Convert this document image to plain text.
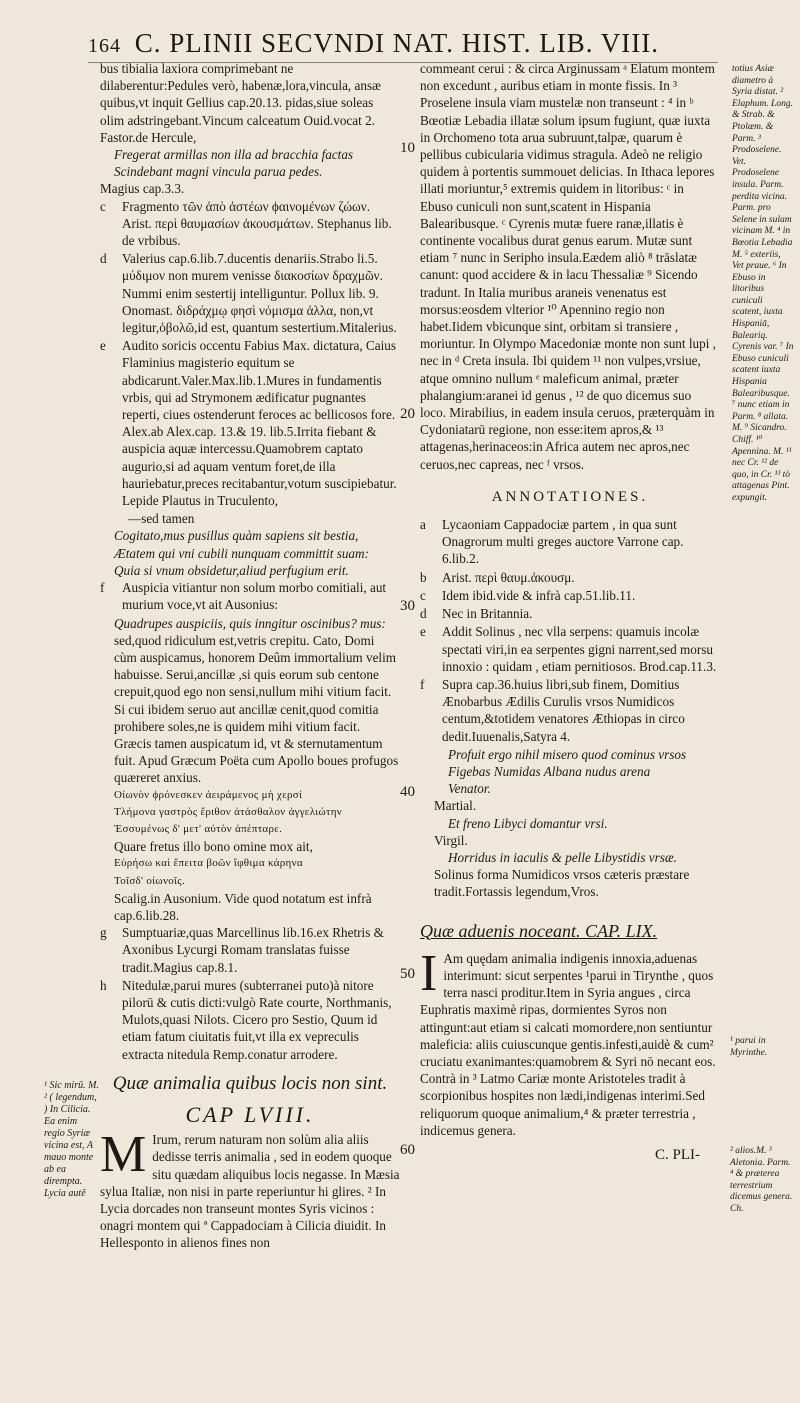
164 C. PLINII SECVNDI NAT. HIST. LIB. VIII.

bus tibialia laxiora comprimebant ne dilaberentur:Pedules verò, habenæ,lora,vincula, ansæ quibus,vt inquit Gellius cap.20.13. pidas,siue soleas olim adstringebant.Vincum calceatum Ouid.vocat 2. Fastor.de Hercule,

Fregerat armillas non illa ad bracchia factas

Scindebant magni vincula parua pedes.

Magius cap.3.3.

c Fragmento τῶν ἀπὸ ἀστέων ϕαινομένων ζώων. Arist. περὶ θαυμασίων ἀκουσμάτων. Stephanus lib. de vrbibus.
d Valerius cap.6.lib.7.ducentis denariis.Strabo li.5. μύδιμον non murem venisse διακοσίων δραχμῶν. Nummi enim sestertij intelliguntur. Pollux lib. 9. Onomast. διδράχμῳ φησὶ νόμισμα ἀλλα, non,vt legitur,ὀβολῶ,id est, quantum sestertium.Mitalerius.
e Audito soricis occentu Fabius Max. dictatura, Caius Flaminius magisterio equitum se abdicarunt.Valer.Max.lib.1.Mures in fundamentis vrbis, qui ad Strymonem ædificatur pugnantes reperti, ciues ostenderunt feroces ac bellicosos fore. Alex.ab Alex.cap. 13.& 19. lib.5.Irrita fiebant & auspicia aquæ intercessu.Quamobrem captato augurio,si ad aquam ventum foret,de illa hauriebatur,preces recitabantur,votum suscipiebatur. Lepide Plautus in Truculento,

—sed tamen

Cogitato,mus pusillus quàm sapiens sit bestia,

Ætatem qui vni cubili nunquam committit suam:

Quia si vnum obsidetur,aliud perfugium erit.

f Auspicia vitiantur non solum morbo comitiali, aut murium voce,vt ait Ausonius:

Quadrupes auspiciis, quis inngitur oscinibus? mus:

sed,quod ridiculum est,vetris crepitu. Cato, Domi cùm auspicamus, honorem Deûm immortalium velim habuisse. Serui,ancillæ ,si quis eorum sub centone crepuit,quod ego non sensi,nullum mihi vitium facit. Si cui ibidem seruo aut ancillæ cenit,quod comitia prohibere soles,ne is quidem mihi vitium facit. Græcis tamen auspicatum id, vt & sternutamentum fuit. Apud Græcum Poëta cum Apollo boues profugos quæreret anxius.

Οἰωνὸν ϕρόνεσκεν ἀειράμενος μὴ χερσί

Τλήμονα γαστρὸς ἔριθον ἀτάσθαλον ἀγγελιώτην

Ἐσσυμένως δ' μετ' αὐτὸν ἀπέπταρε.

Quare fretus illo bono omine mox ait,

Εὑρήσω καὶ ἔπειτα βοῶν ἴφθιμα κάρηνα

Τοῖσδ' οἰωνοῖς.

Scalig.in Ausonium. Vide quod notatum est infrà cap.6.lib.28.

g Sumptuariæ,quas Marcellinus lib.16.ex Rhetris & Axonibus Lycurgi Romam translatas fuisse tradit.Magius cap.8.1.
h Nitedulæ,parui mures (subterranei puto)à nitore pilorū & cutis dicti:vulgò Rate courte, Northmanis, Mulots,quasi Nilots. Cicero pro Sestio, Quum id etiam fatum ciuitatis fuit,vt illa ex vepreculis extracta nitedula Remp.conatur arrodere.
Quæ animalia quibus locis non sint.
CAP LVIII.

M Irum, rerum naturam non solùm alia aliis dedisse terris animalia , sed in eodem quoque situ quædam aliquibus locis negasse. In Mæsia sylua Italiæ, non nisi in parte reperiuntur hi glires. ² In Lycia dorcades non transeunt montes Syris vicinos : onagri montem qui ª Cappadociam à Cilicia diuidit. In Hellesponto in alienos fines non

10
20
30
40
50
60

commeant cerui : & circa Arginussam ᵃ Elatum montem non excedunt , auribus etiam in monte fissis. In ³ Proselene insula viam mustelæ non transeunt : ⁴ in ᵇ Bœotiæ Lebadia illatæ solum ipsum fugiunt, quæ iuxta in Orchomeno tota arua subruunt,talpæ, quarum è pellibus cubicularia vidimus stragula. Adeò ne religio quidem à portentis summouet delicias. In Ithaca lepores illati moriuntur,⁵ extremis quidem in litoribus: ᶜ in Ebuso cuniculi non sunt,scatent in Hispania Balearibusque. ᶜ Cyrenis mutæ fuere ranæ,illatis è continente vocalibus durat genus earum. Mutæ sunt etiam ⁷ nunc in Seripho insula.Eædem aliò ⁸ trāslatæ canunt: quod accidere & in lacu Thessaliæ ⁹ Sicendo tradunt. In Italia muribus araneis venenatus est morsus:eosdem vlterior ¹⁰ Apennino regio non habet.Iidem vbicunque sint, orbitam si transiere , moriuntur. In Olympo Macedoniæ monte non sunt lupi , nec in ᵈ Creta insula. Ibi quidem ¹¹ non vulpes,vrsiue, atque omnino nullum ᵉ maleficum animal, præter phalangium:aranei id genus , ¹² de quo dicemus suo loco. Mirabilius, in eadem insula ceruos, præterquàm in Cydoniatarū regione, non esse:item apros,& ¹³ attagenas,herinaceos:in Africa autem nec apros,nec ceruos,nec capreas, nec ᶠ vrsos.

ANNOTATIONES.
a Lycaoniam Cappadociæ partem , in qua sunt Onagrorum multi greges auctore Varrone cap. 6.lib.2.
b Arist. περὶ θαυμ.ἀκουσμ.
c Idem ibid.vide & infrà cap.51.lib.11.
d Nec in Britannia.
e Addit Solinus , nec vlla serpens: quamuis incolæ spectati viri,in ea serpentes gigni narrent,sed morsu innoxio : quidam , etiam pernitiosos. Brod.cap.11.3.
f Supra cap.36.huius libri,sub finem, Domitius Ænobarbus Ædilis Curulis vrsos Numidicos centum,&totidem venatores Æthiopas in circo dedit.Iuuenalis,Satyra 4.

Profuit ergo nihil misero quod cominus vrsos

Figebas Numidas Albana nudus arena

Venator.

Martial.

Et freno Libyci domantur vrsi.

Virgil.

Horridus in iaculis & pelle Libystidis vrsæ.

Solinus forma Numidicos vrsos cæteris præstare tradit.Fortassis legendum,Vros.

Quæ aduenis noceant. CAP. LIX.

I Am quędam animalia indigenis innoxia,aduenas interimunt: sicut serpentes ¹parui in Tirynthe , quos terra nasci proditur.Item in Syria angues , circa Euphratis maximè ripas, dormientes Syros non attingunt:aut etiam si calcati momordere,non sentiuntur maleficia: aliis cuiuscunque gentis.infesti,auidè & cum² cruciatu exanimantes:quamobrem & Syri nō necant eos. Contrà in ³ Latmo Cariæ monte Aristoteles tradit à scorpionibus hospites non lædi,indigenas interimi.Sed reliquorum quoque animalium,⁴ & præter terrestria , indicemus genera.

C. PLI-
¹ Sic mirū. M. ² ( legendum, ) In Cilicia. Ea enim regio Syriæ vicina est, A mauo monte ab ea dirempta. Lycia autē
totius Asiæ diametro à Syria distat. ² Elaphum. Long. & Strab. & Ptolæm. & Parm. ³ Prodoselene. Vet. Prodoselene insula. Parm. perdita vicina. Parm. pro Selene in sulam vicinam M. ⁴ in Bœotia Lebadia M. ⁵ exteriis, Vet praue. ⁶ In Ebuso in litoribus cuniculi scatent, iuxta Hispaniā, Baleariq. Cyrenis var. ⁷ In Ebuso cuniculi scatent iuxta Hispania Balearibusque. ⁷ nunc etiam in Parm. ⁸ allata. M. ⁹ Sicandro. Chiff. ¹⁰ Apennina. M. ¹¹ nec Cr. ¹² de quo, in Cr. ¹³ tò attagenas Pint. expungit.
¹ parui in Myrinthe.
² alios.M. ³ Aletonia. Parm. ⁴ & præterea terrestrium dicemus genera. Ch.
